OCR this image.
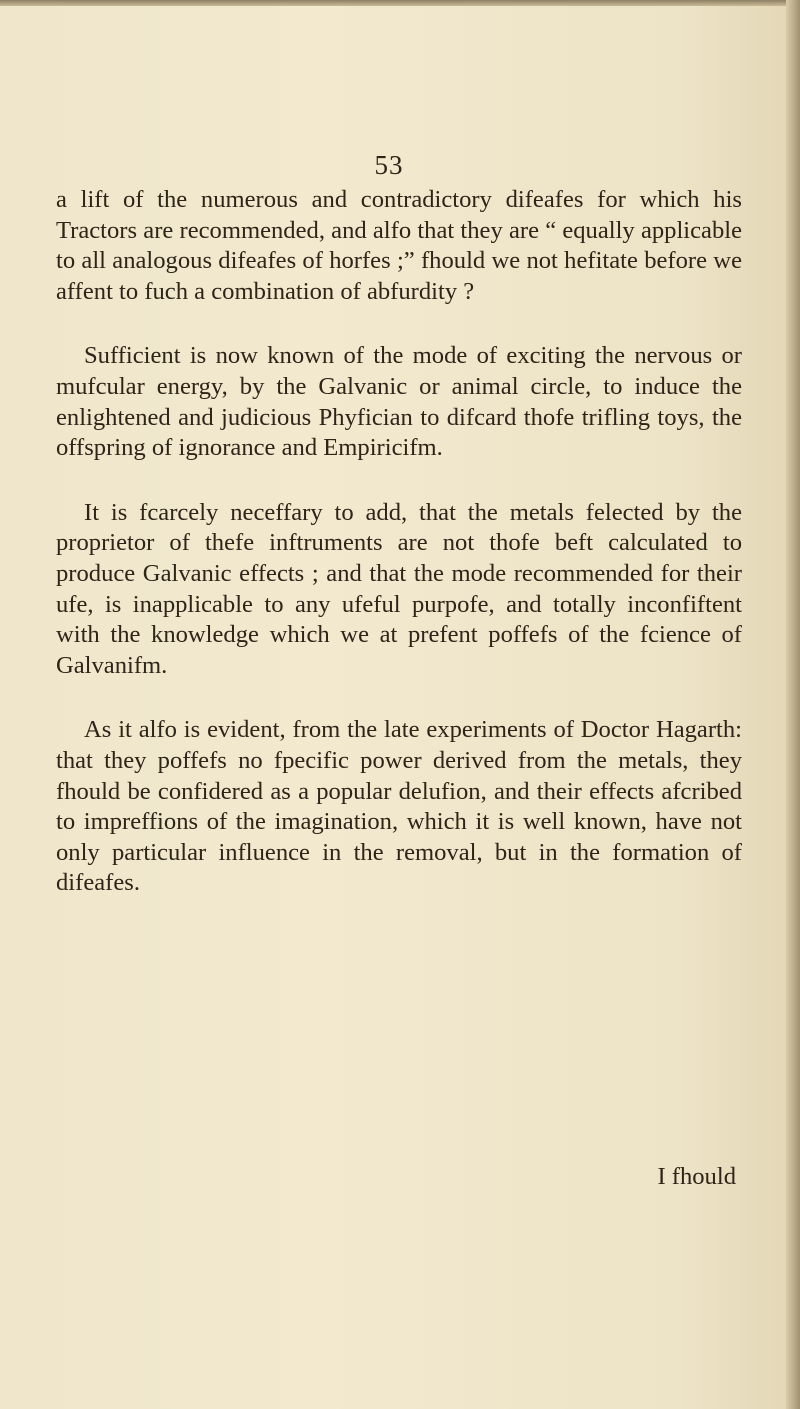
53

a lift of the numerous and contradictory difeafes for which his Tractors are recommended, and alfo that they are “ equally applicable to all analogous difeafes of horfes ;” fhould we not hefitate before we affent to fuch a combination of abfurdity ?

Sufficient is now known of the mode of exciting the nervous or mufcular energy, by the Galvanic or animal circle, to induce the enlightened and judicious Phyfician to difcard thofe trifling toys, the offspring of ignorance and Empiricifm.

It is fcarcely neceffary to add, that the metals felected by the proprietor of thefe inftruments are not thofe beft calculated to produce Galvanic effects ; and that the mode recommended for their ufe, is inapplicable to any ufeful purpofe, and totally inconfiftent with the knowledge which we at prefent poffefs of the fcience of Galvanifm.

As it alfo is evident, from the late experiments of Doctor Hagarth: that they poffefs no fpecific power derived from the metals, they fhould be confidered as a popular delufion, and their effects afcribed to impreffions of the imagination, which it is well known, have not only particular influence in the removal, but in the formation of difeafes.

I fhould
